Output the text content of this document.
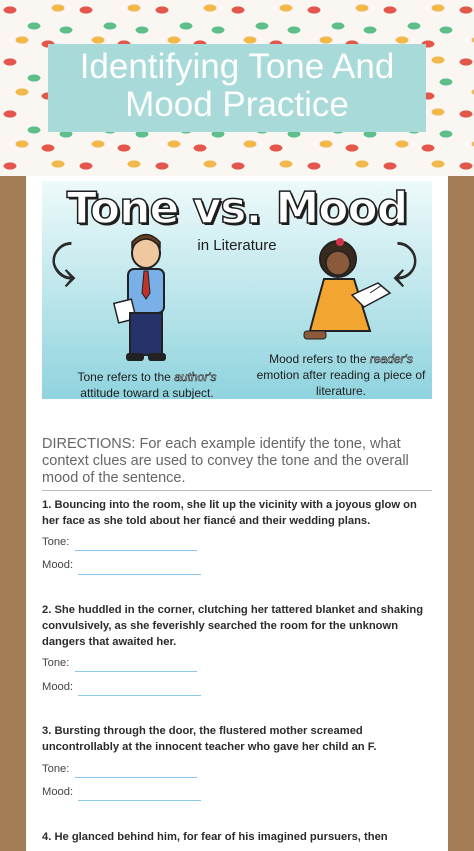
Identifying Tone And Mood Practice
Tone vs. Mood
in Literature
⤹	⤸
Tone refers to the author's attitude toward a subject.
Mood refers to the reader's emotion after reading a piece of literature.
DIRECTIONS: For each example identify the tone, what context clues are used to convey the tone and the overall mood of the sentence.
1. Bouncing into the room, she lit up the vicinity with a joyous glow on her face as she told about her fiancé and their wedding plans.
Tone:
Mood:
2. She huddled in the corner, clutching her tattered blanket and shaking convulsively, as she feverishly searched the room for the unknown dangers that awaited her.
Tone:
Mood:
3. Bursting through the door, the flustered mother screamed uncontrollably at the innocent teacher who gave her child an F.
Tone:
Mood:
4. He glanced behind him, for fear of his imagined pursuers, then
